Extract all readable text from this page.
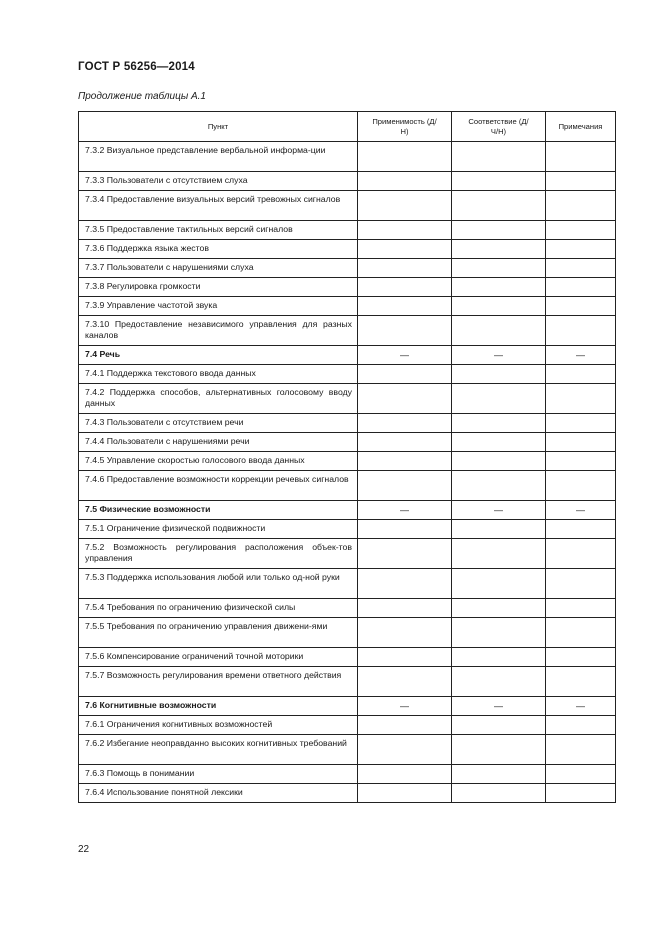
ГОСТ Р 56256—2014
Продолжение таблицы А.1
Пункт	Применимость (Д/Н)	Соответствие (Д/Ч/Н)	Примечания
7.3.2 Визуальное представление вербальной информа-ции			
7.3.3 Пользователи с отсутствием слуха			
7.3.4 Предоставление визуальных версий тревожных сигналов			
7.3.5 Предоставление тактильных версий сигналов			
7.3.6 Поддержка языка жестов			
7.3.7 Пользователи с нарушениями слуха			
7.3.8 Регулировка громкости			
7.3.9 Управление частотой звука			
7.3.10 Предоставление независимого управления для разных каналов			
7.4 Речь	—	—	—
7.4.1 Поддержка текстового ввода данных			
7.4.2 Поддержка способов, альтернативных голосовому вводу данных			
7.4.3 Пользователи с отсутствием речи			
7.4.4 Пользователи с нарушениями речи			
7.4.5 Управление скоростью голосового ввода данных			
7.4.6 Предоставление возможности коррекции речевых сигналов			
7.5 Физические возможности	—	—	—
7.5.1 Ограничение физической подвижности			
7.5.2 Возможность регулирования расположения объек-тов управления			
7.5.3 Поддержка использования любой или только од-ной руки			
7.5.4 Требования по ограничению физической силы			
7.5.5 Требования по ограничению управления движени-ями			
7.5.6 Компенсирование ограничений точной моторики			
7.5.7 Возможность регулирования времени ответного действия			
7.6 Когнитивные возможности	—	—	—
7.6.1 Ограничения когнитивных возможностей			
7.6.2 Избегание неоправданно высоких когнитивных требований			
7.6.3 Помощь в понимании			
7.6.4 Использование понятной лексики			
22
